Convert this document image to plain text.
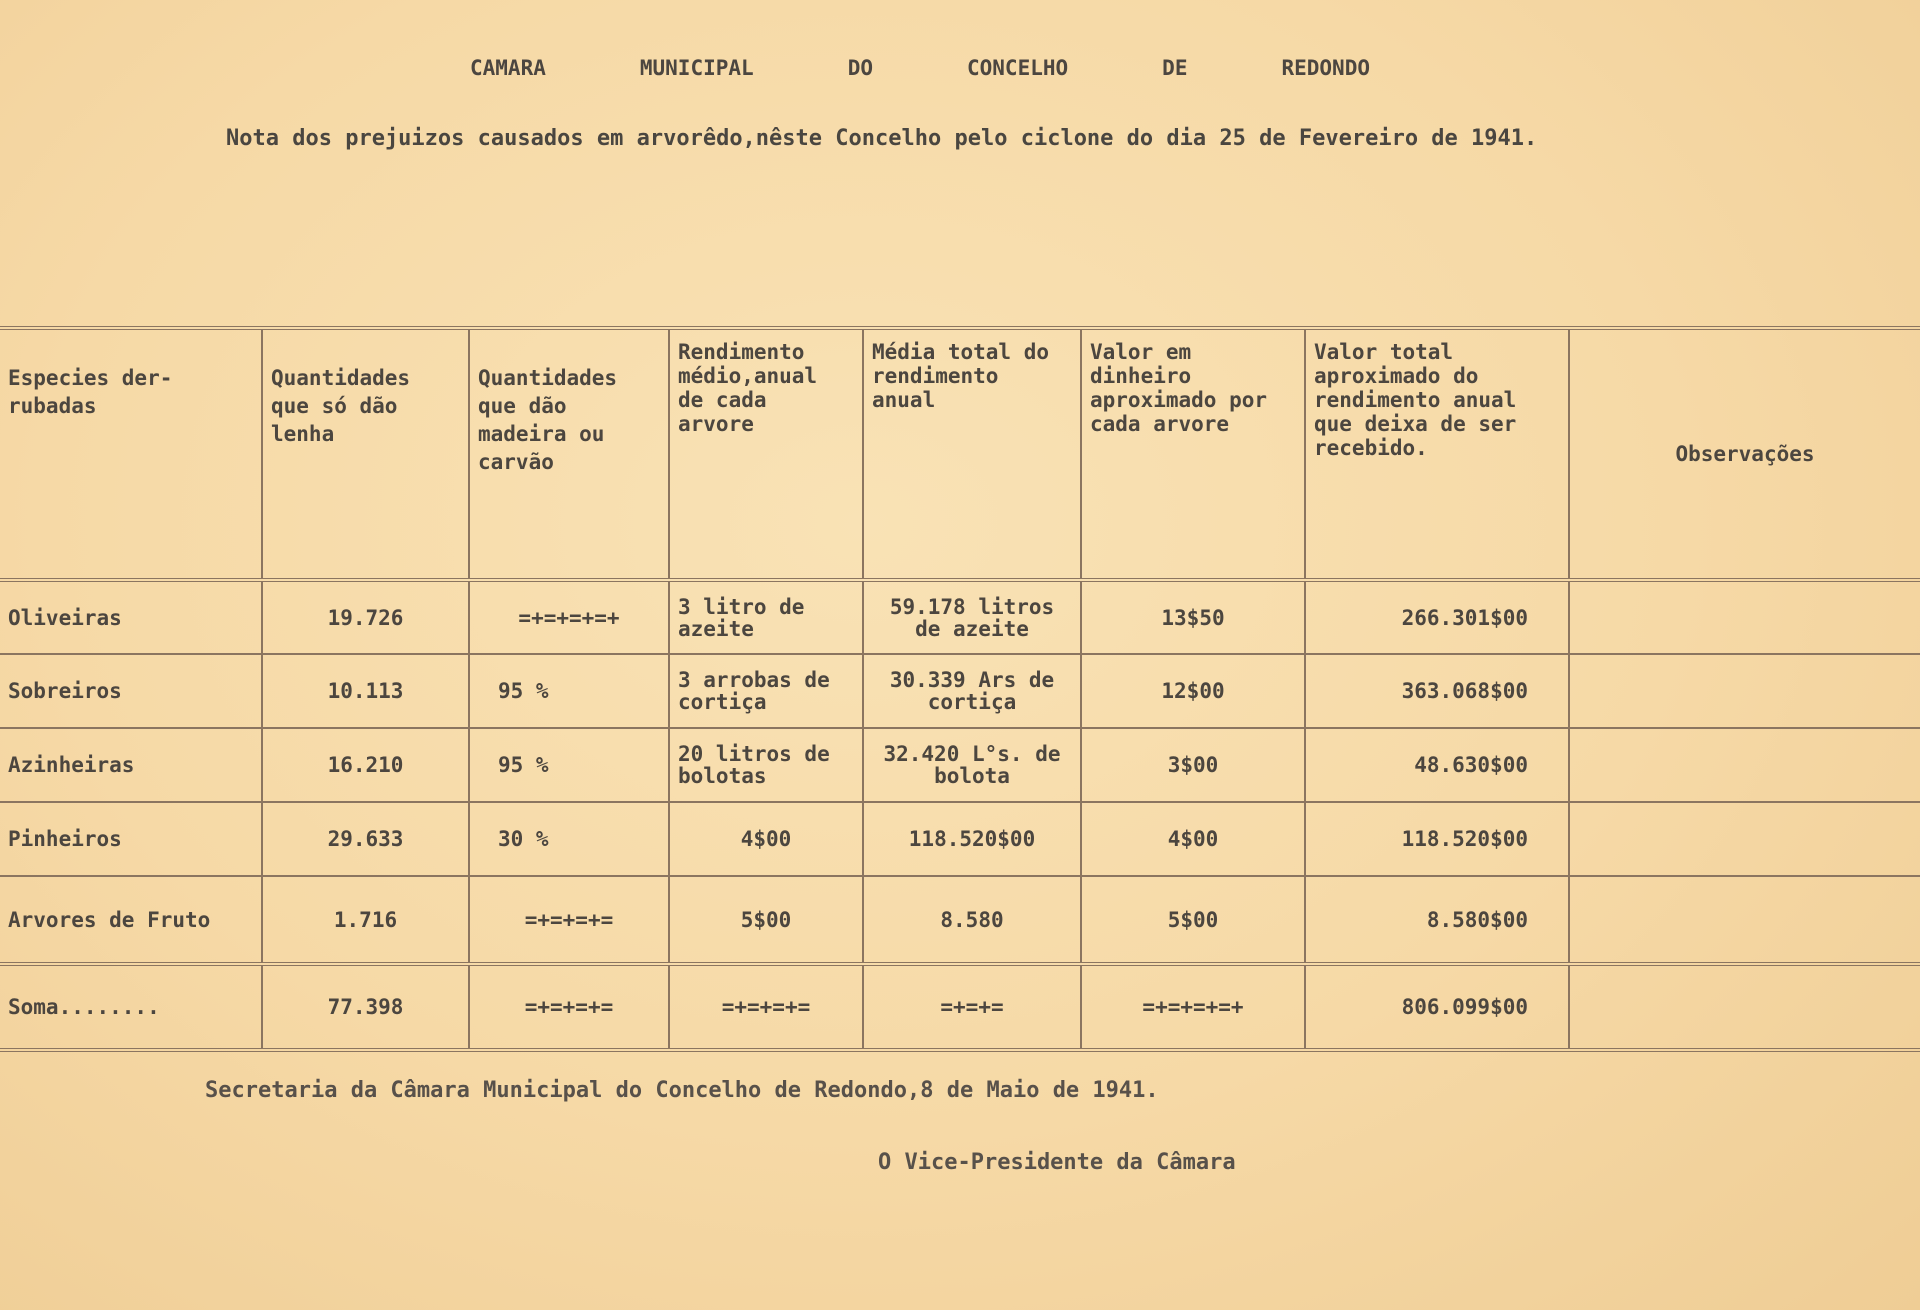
CAMARA	MUNICIPAL	DO	CONCELHO	DE	REDONDO
Nota dos prejuizos causados em arvorêdo,nêste Concelho pelo ciclone do dia 25 de Fevereiro de 1941.
Especies der-rubadas	Quantidades que só dão lenha	Quantidades que dão madeira ou carvão	Rendimento médio,anual de cada arvore	Média total do rendimento anual	Valor em dinheiro aproximado por cada arvore	Valor total aproximado do rendimento anual que deixa de ser recebido.	Observações
Oliveiras	19.726	=+=+=+=+	3 litro de azeite	59.178 litros de azeite	13$50	266.301$00	
Sobreiros	10.113	95 %	3 arrobas de cortiça	30.339 Ars de cortiça	12$00	363.068$00	
Azinheiras	16.210	95 %	20 litros de bolotas	32.420 L°s. de bolota	3$00	48.630$00	
Pinheiros	29.633	30 %	4$00	118.520$00	4$00	118.520$00	
Arvores de Fruto	1.716	=+=+=+=	5$00	8.580	5$00	8.580$00	
Soma........	77.398	=+=+=+=	=+=+=+=	=+=+=	=+=+=+=+	806.099$00	
Secretaria da Câmara Municipal do Concelho de Redondo,8 de Maio de 1941.
O Vice-Presidente da Câmara
